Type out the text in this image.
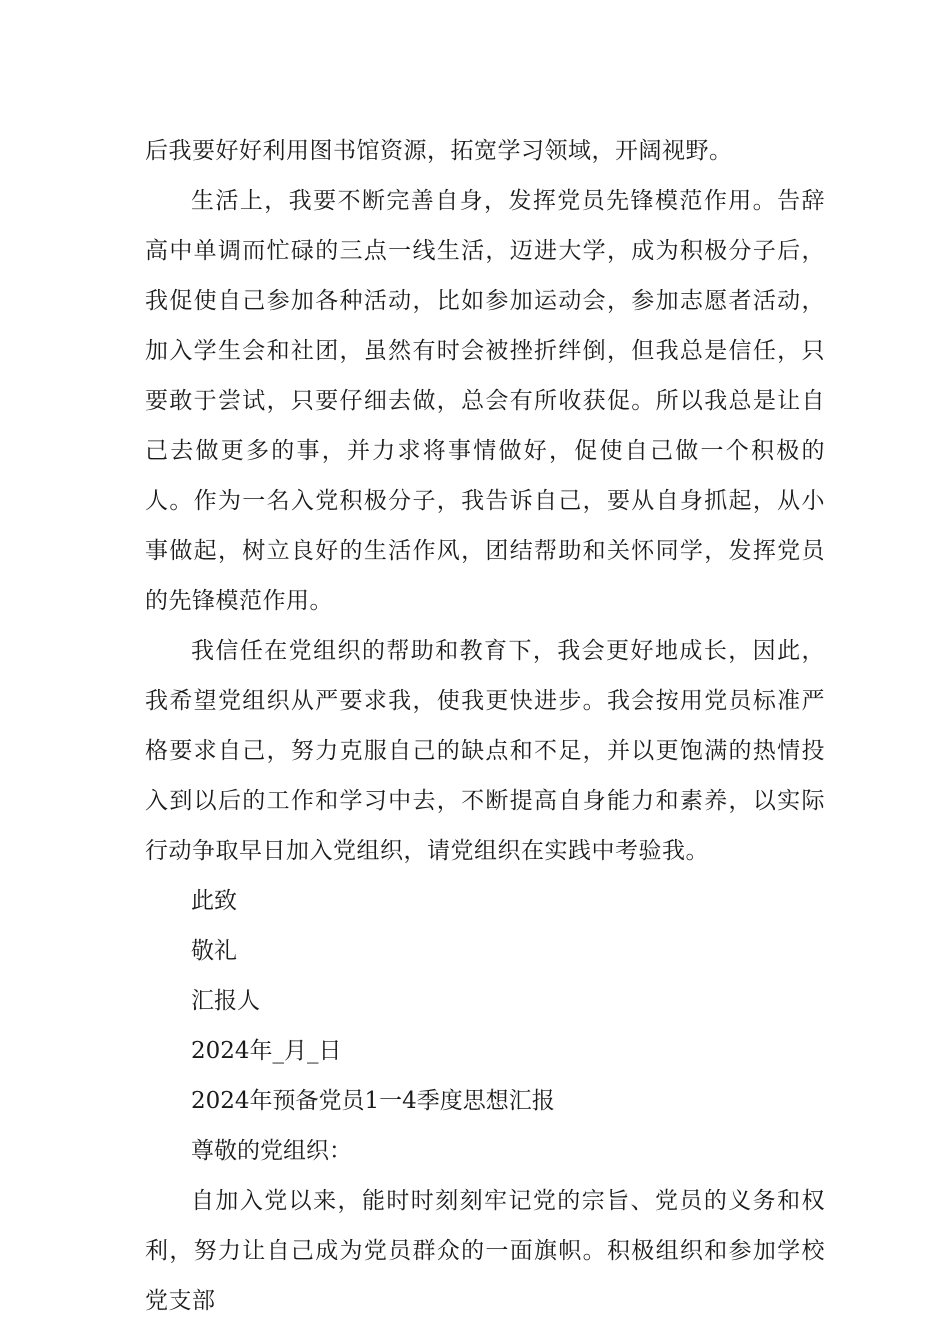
后我要好好利用图书馆资源，拓宽学习领域，开阔视野。

生活上，我要不断完善自身，发挥党员先锋模范作用。告辞高中单调而忙碌的三点一线生活，迈进大学，成为积极分子后，我促使自己参加各种活动，比如参加运动会，参加志愿者活动，加入学生会和社团，虽然有时会被挫折绊倒，但我总是信任，只要敢于尝试，只要仔细去做，总会有所收获促。所以我总是让自己去做更多的事，并力求将事情做好，促使自己做一个积极的人。作为一名入党积极分子，我告诉自己，要从自身抓起，从小事做起，树立良好的生活作风，团结帮助和关怀同学，发挥党员的先锋模范作用。

我信任在党组织的帮助和教育下，我会更好地成长，因此，我希望党组织从严要求我，使我更快进步。我会按用党员标准严格要求自己，努力克服自己的缺点和不足，并以更饱满的热情投入到以后的工作和学习中去，不断提高自身能力和素养，以实际行动争取早日加入党组织，请党组织在实践中考验我。

此致

敬礼

汇报人

2024年_月_日

2024年预备党员1一4季度思想汇报

尊敬的党组织：

自加入党以来，能时时刻刻牢记党的宗旨、党员的义务和权利，努力让自己成为党员群众的一面旗帜。积极组织和参加学校党支部
